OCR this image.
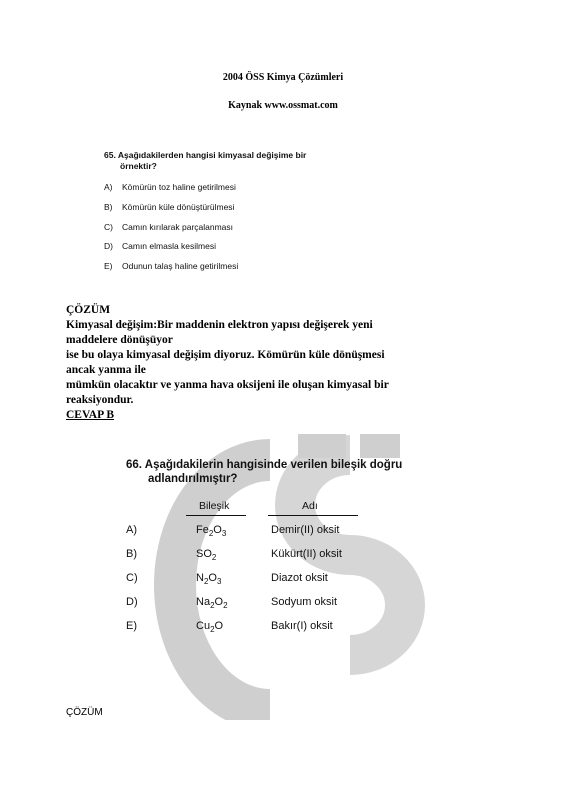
2004 ÖSS Kimya Çözümleri
Kaynak www.ossmat.com
65. Aşağıdakilerden hangisi kimyasal değişime bir
örnektir?
A) Kömürün toz haline getirilmesi
B) Kömürün küle dönüştürülmesi
C) Camın kırılarak parçalanması
D) Camın elmasla kesilmesi
E) Odunun talaş haline getirilmesi

ÇÖZÜM

Kimyasal değişim:Bir maddenin elektron yapısı değişerek yeni

maddelere dönüşüyor

ise bu olaya kimyasal değişim diyoruz. Kömürün küle dönüşmesi

ancak yanma ile

mümkün olacaktır ve yanma hava oksijeni ile oluşan kimyasal bir

reaksiyondur.

CEVAP B

66. Aşağıdakilerin hangisinde verilen bileşik doğru
adlandırılmıştır?
Bileşik	Adı
A)	$Fe_2O_3$	Demir(II) oksit
B)	$SO_2$	Kükürt(II) oksit
C)	$N_2O_3$	Diazot oksit
D)	$Na_2O_2$	Sodyum oksit
E)	$Cu_2O$	Bakır(I) oksit
ÇÖZÜM
